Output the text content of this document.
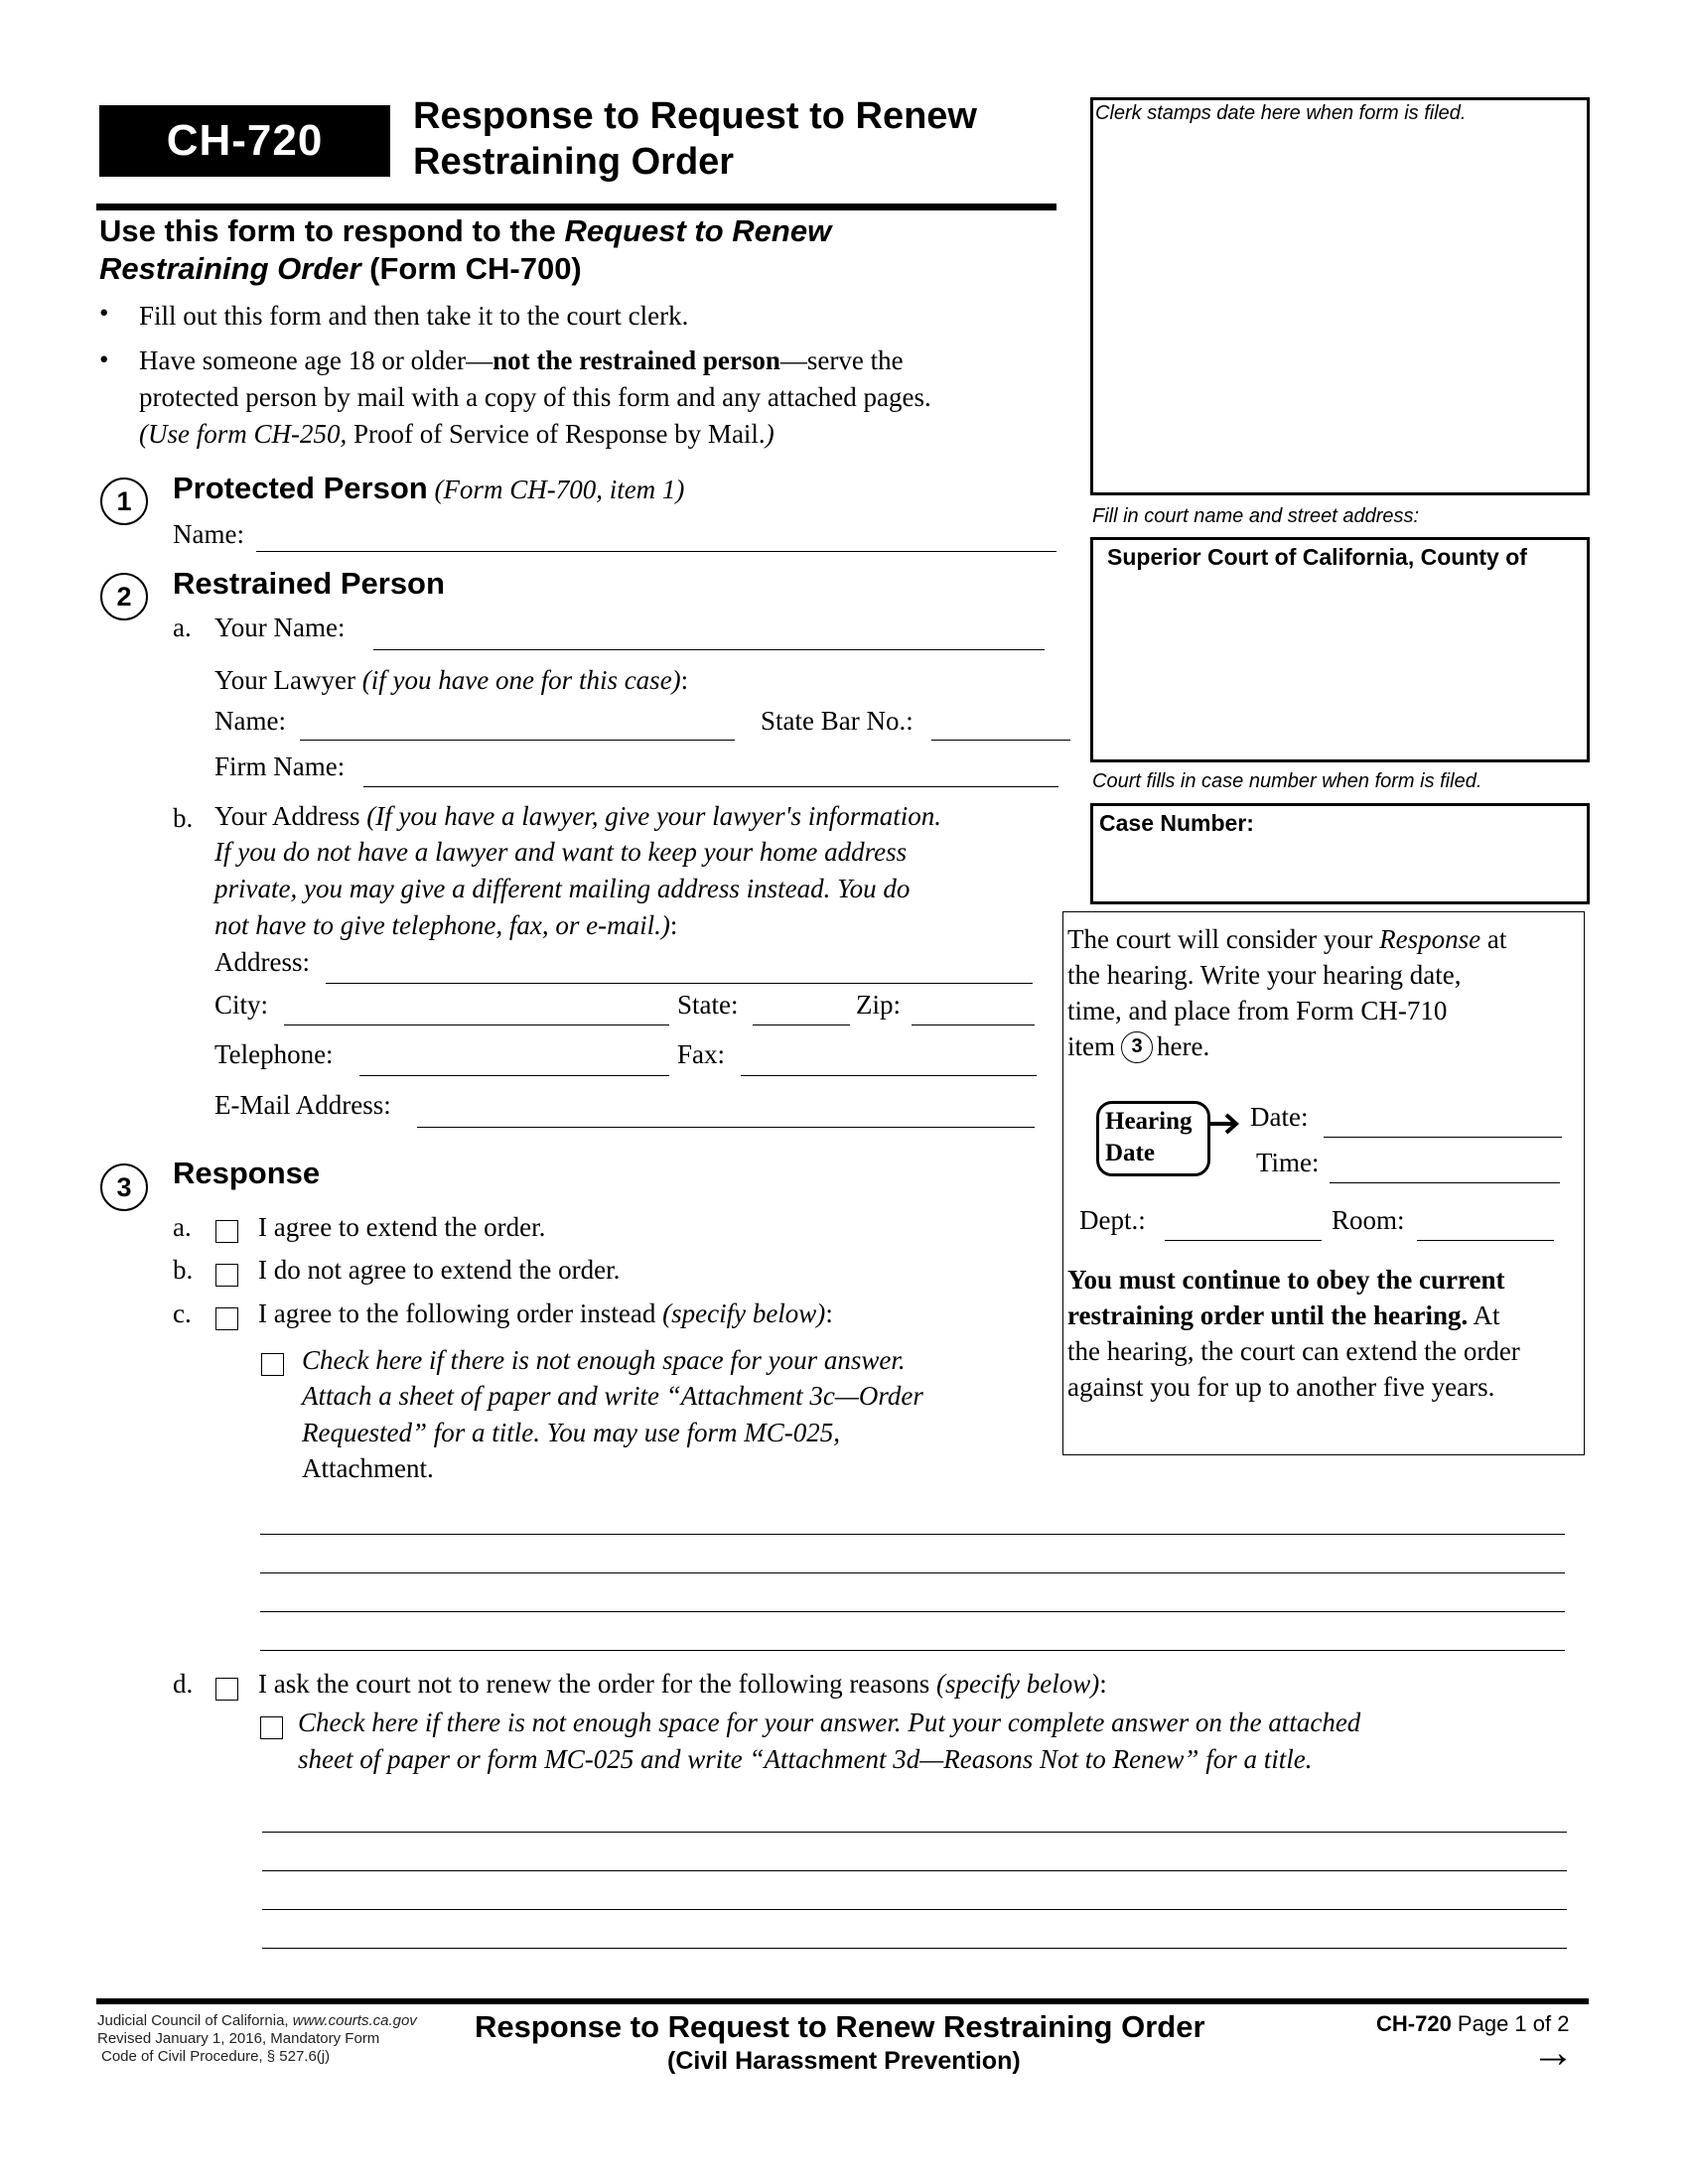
CH-720	Response to Request to Renew
Restraining Order
Use this form to respond to the Request to Renew
Restraining Order (Form CH-700)
• Fill out this form and then take it to the court clerk.
• Have someone age 18 or older—not the restrained person—serve the
protected person by mail with a copy of this form and any attached pages.
(Use form CH-250, Proof of Service of Response by Mail.)
1	Protected Person (Form CH-700, item 1)
Name:
2	Restrained Person
a. Your Name:
Your Lawyer (if you have one for this case):
Name:	State Bar No.:
Firm Name:
b. Your Address (If you have a lawyer, give your lawyer's information.
If you do not have a lawyer and want to keep your home address
private, you may give a different mailing address instead. You do
not have to give telephone, fax, or e-mail.):
Address:
City:	State:	Zip:
Telephone:	Fax:
E-Mail Address:
3	Response
a. I agree to extend the order.
b. I do not agree to extend the order.
c. I agree to the following order instead (specify below):
Check here if there is not enough space for your answer.
Attach a sheet of paper and write “Attachment 3c—Order
Requested” for a title. You may use form MC-025,
Attachment.
d. I ask the court not to renew the order for the following reasons (specify below):
Check here if there is not enough space for your answer. Put your complete answer on the attached
sheet of paper or form MC-025 and write “Attachment 3d—Reasons Not to Renew” for a title.
Clerk stamps date here when form is filed.
Fill in court name and street address:
Superior Court of California, County of
Court fills in case number when form is filed.
Case Number:
The court will consider your Response at
the hearing. Write your hearing date,
time, and place from Form CH-710
item 3 here.
Hearing
Date
Date:
Time:
Dept.:	Room:
You must continue to obey the current
restraining order until the hearing. At
the hearing, the court can extend the order
against you for up to another five years.
Judicial Council of California, www.courts.ca.gov
Revised January 1, 2016, Mandatory Form
Code of Civil Procedure, § 527.6(j)
Response to Request to Renew Restraining Order
(Civil Harassment Prevention)
CH-720 Page 1 of 2
→
